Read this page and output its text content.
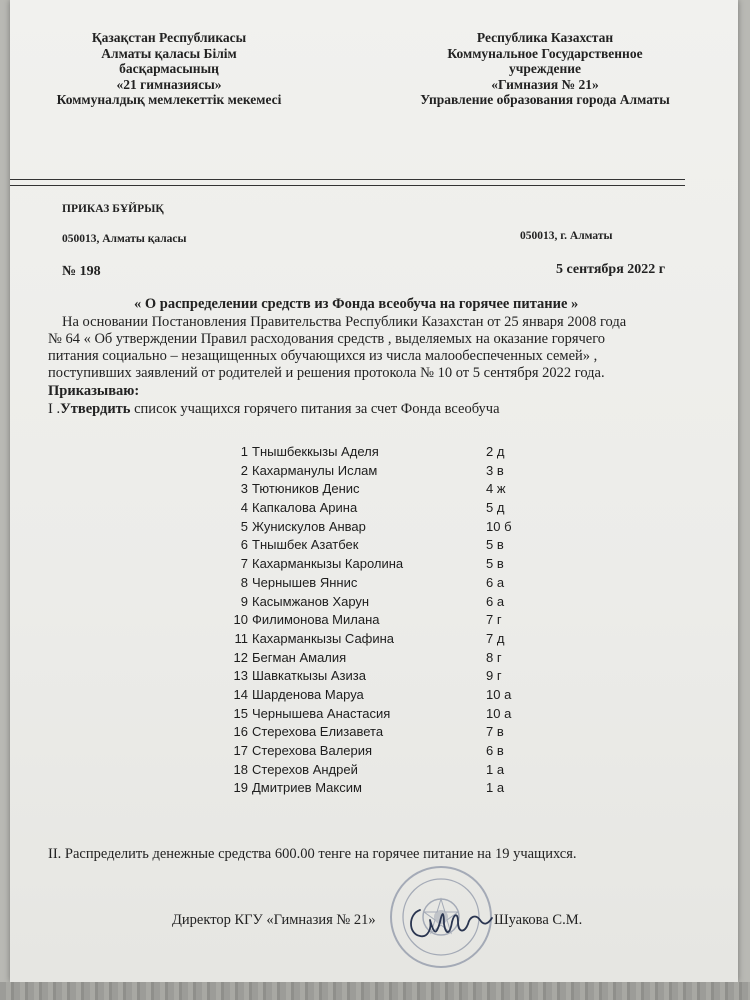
Қазақстан Республикасы
Алматы қаласы Білім
басқармасының
«21 гимназиясы»
Коммуналдық мемлекеттік мекемесі
Республика Казахстан
Коммунальное Государственное
учреждение
«Гимназия № 21»
Управление образования города Алматы
ПРИКАЗ БҰЙРЫҚ
050013, Алматы қаласы	050013, г. Алматы
№ 198	5 сентября 2022 г
« О распределении средств из Фонда всеобуча на горячее питание »
На основании Постановления Правительства Республики Казахстан от 25 января 2008 года
№ 64 « Об утверждении Правил расходования средств , выделяемых на оказание горячего
питания социально – незащищенных обучающихся из числа малообеспеченных семей» ,
поступивших заявлений от родителей и решения протокола № 10 от 5 сентября 2022 года.
Приказываю:
I .Утвердить список учащихся горячего питания за счет Фонда всеобуча
1 Тнышбеккызы Аделя	2 д
2 Кахарманулы Ислам	3 в
3 Тютюников Денис	4 ж
4 Капкалова Арина	5 д
5 Жунискулов Анвар	10 б
6 Тнышбек Азатбек	5 в
7 Кахарманкызы Каролина	5 в
8 Чернышев Яннис	6 а
9 Касымжанов Харун	6 а
10 Филимонова Милана	7 г
11 Кахарманкызы Сафина	7 д
12 Бегман Амалия	8 г
13 Шавкаткызы Азиза	9 г
14 Шарденова Маруа	10 а
15 Чернышева Анастасия	10 а
16 Стерехова Елизавета	7 в
17 Стерехова Валерия	6 в
18 Стерехов Андрей	1 а
19 Дмитриев Максим	1 а
II. Распределить денежные средства 600.00 тенге на горячее питание на 19 учащихся.
Директор КГУ «Гимназия № 21»	Шуакова С.М.
